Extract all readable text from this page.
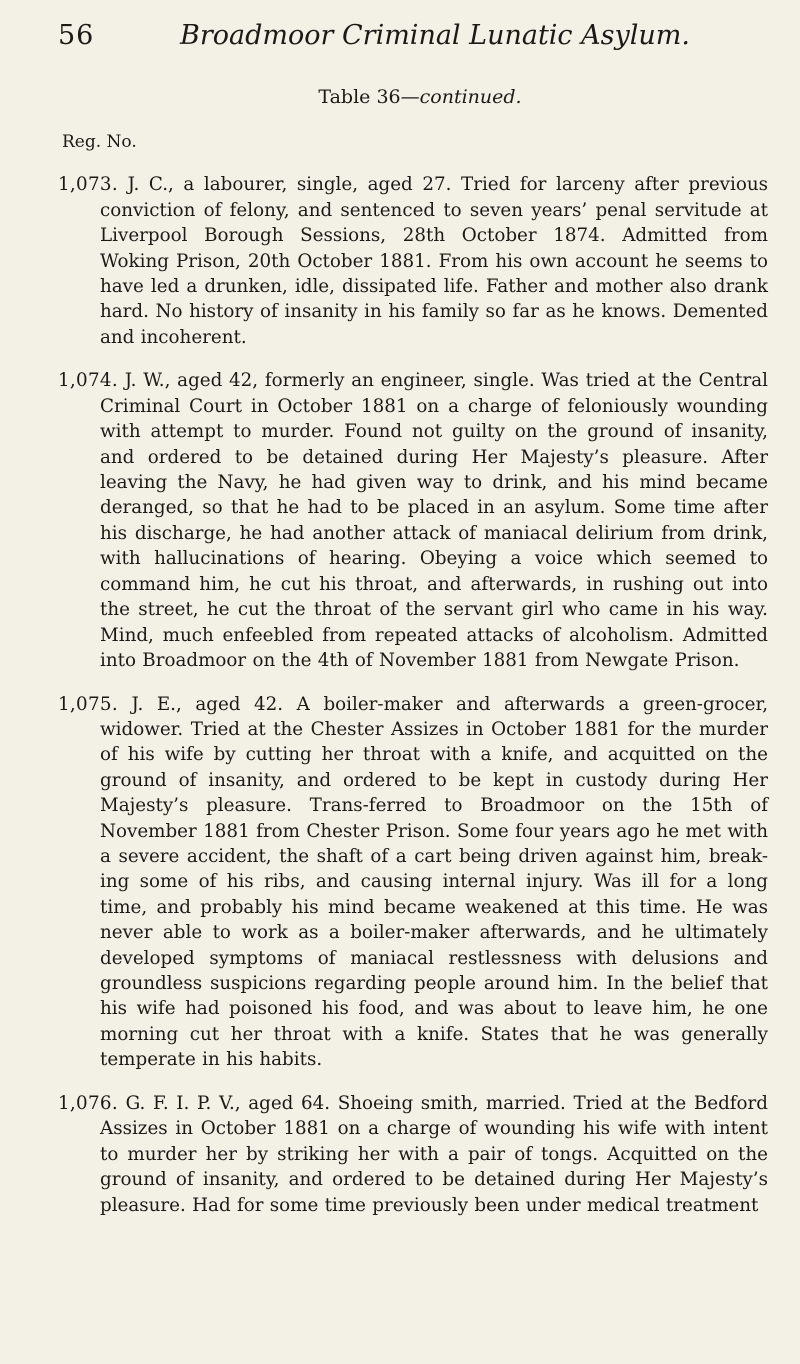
56	Broadmoor Criminal Lunatic Asylum.
Table 36—continued.
Reg. No.

1,073. J. C., a labourer, single, aged 27. Tried for larceny after previous conviction of felony, and sentenced to seven years’ penal servitude at Liverpool Borough Sessions, 28th October 1874. Admitted from Woking Prison, 20th October 1881. From his own account he seems to have led a drunken, idle, dissipated life. Father and mother also drank hard. No history of insanity in his family so far as he knows. Demented and incoherent.

1,074. J. W., aged 42, formerly an engineer, single. Was tried at the Central Criminal Court in October 1881 on a charge of feloniously wounding with attempt to murder. Found not guilty on the ground of insanity, and ordered to be detained during Her Majesty’s pleasure. After leaving the Navy, he had given way to drink, and his mind became deranged, so that he had to be placed in an asylum. Some time after his discharge, he had another attack of maniacal delirium from drink, with hallucinations of hearing. Obeying a voice which seemed to command him, he cut his throat, and afterwards, in rushing out into the street, he cut the throat of the servant girl who came in his way. Mind, much enfeebled from repeated attacks of alcoholism. Admitted into Broadmoor on the 4th of November 1881 from Newgate Prison.

1,075. J. E., aged 42. A boiler-maker and afterwards a green-grocer, widower. Tried at the Chester Assizes in October 1881 for the murder of his wife by cutting her throat with a knife, and acquitted on the ground of insanity, and ordered to be kept in custody during Her Majesty’s pleasure. Trans-ferred to Broadmoor on the 15th of November 1881 from Chester Prison. Some four years ago he met with a severe accident, the shaft of a cart being driven against him, break-ing some of his ribs, and causing internal injury. Was ill for a long time, and probably his mind became weakened at this time. He was never able to work as a boiler-maker afterwards, and he ultimately developed symptoms of maniacal restlessness with delusions and groundless suspicions regarding people around him. In the belief that his wife had poisoned his food, and was about to leave him, he one morning cut her throat with a knife. States that he was generally temperate in his habits.

1,076. G. F. I. P. V., aged 64. Shoeing smith, married. Tried at the Bedford Assizes in October 1881 on a charge of wounding his wife with intent to murder her by striking her with a pair of tongs. Acquitted on the ground of insanity, and ordered to be detained during Her Majesty’s pleasure. Had for some time previously been under medical treatment
